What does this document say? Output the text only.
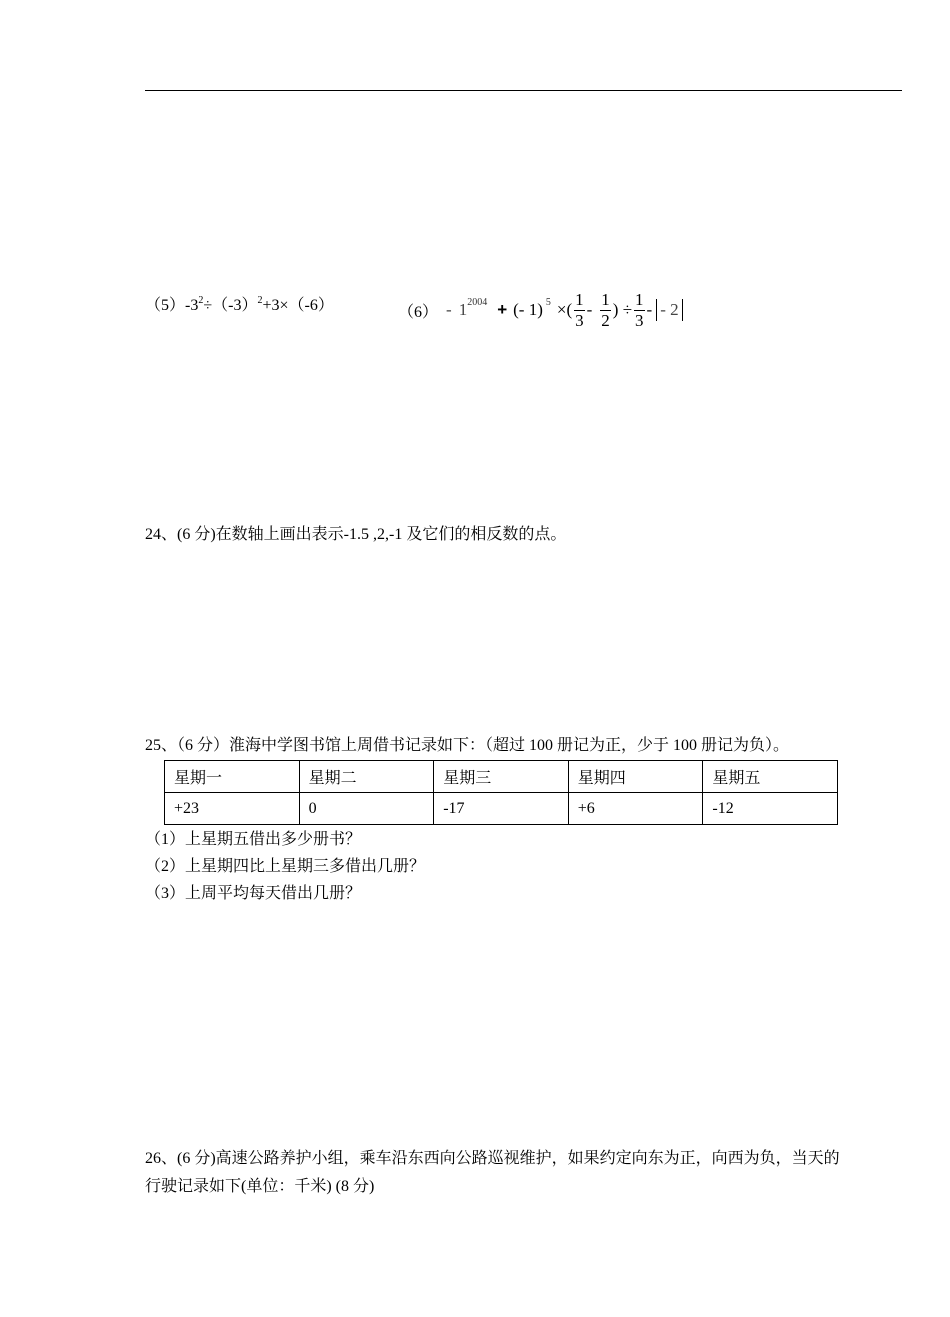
$(5)-3^2\div(-3)^2+3\times(-6)$	（6） - 1 2004 + (- 1) 5 ×( $\frac{1}{3} - \frac{1}{2}$ ) ÷ $\frac{1}{3}$ - - 2
24、(6 分)在数轴上画出表示-1.5 ,2,-1 及它们的相反数的点。
25、（6 分）淮海中学图书馆上周借书记录如下：（超过 100 册记为正，少于 100 册记为负）。
星期一	星期二	星期三	星期四	星期五
+23	0	-17	+6	-12
（1）上星期五借出多少册书？
（2）上星期四比上星期三多借出几册？
（3）上周平均每天借出几册？
26、(6 分)高速公路养护小组，乘车沿东西向公路巡视维护，如果约定向东为正，向西为负，当天的
行驶记录如下(单位：千米) (8 分)
